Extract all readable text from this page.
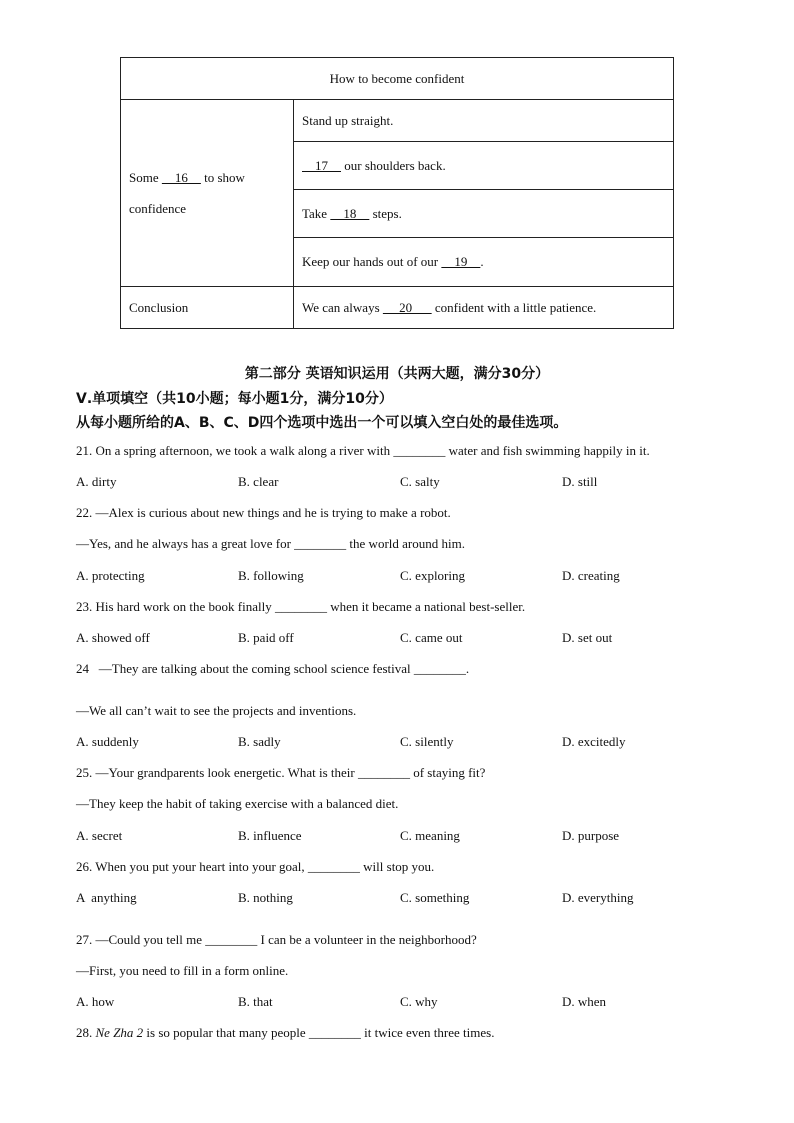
How to become confident	
Some     16     to show
confidence	Stand up straight.
	17     our shoulders back.
	Take     18     steps.
	Keep our hands out of our     19    .
Conclusion	We can always      20       confident with a little patience.
第二部分 英语知识运用（共两大题，满分30分）
Ⅴ.单项填空（共10小题；每小题1分，满分10分）
从每小题所给的A、B、C、D四个选项中选出一个可以填入空白处的最佳选项。
21. On a spring afternoon, we took a walk along a river with ________ water and fish swimming happily in it.
A. dirty	B. clear	C. salty	D. still
22. —Alex is curious about new things and he is trying to make a robot.
—Yes, and he always has a great love for ________ the world around him.
A. protecting	B. following	C. exploring	D. creating
23. His hard work on the book finally ________ when it became a national best-seller.
A. showed off	B. paid off	C. came out	D. set out
24   —They are talking about the coming school science festival ________.
—We all can’t wait to see the projects and inventions.
A. suddenly	B. sadly	C. silently	D. excitedly
25. —Your grandparents look energetic. What is their ________ of staying fit?
—They keep the habit of taking exercise with a balanced diet.
A. secret	B. influence	C. meaning	D. purpose
26. When you put your heart into your goal, ________ will stop you.
A  anything	B. nothing	C. something	D. everything
27. —Could you tell me ________ I can be a volunteer in the neighborhood?
—First, you need to fill in a form online.
A. how	B. that	C. why	D. when
28. Ne Zha 2 is so popular that many people ________ it twice even three times.
